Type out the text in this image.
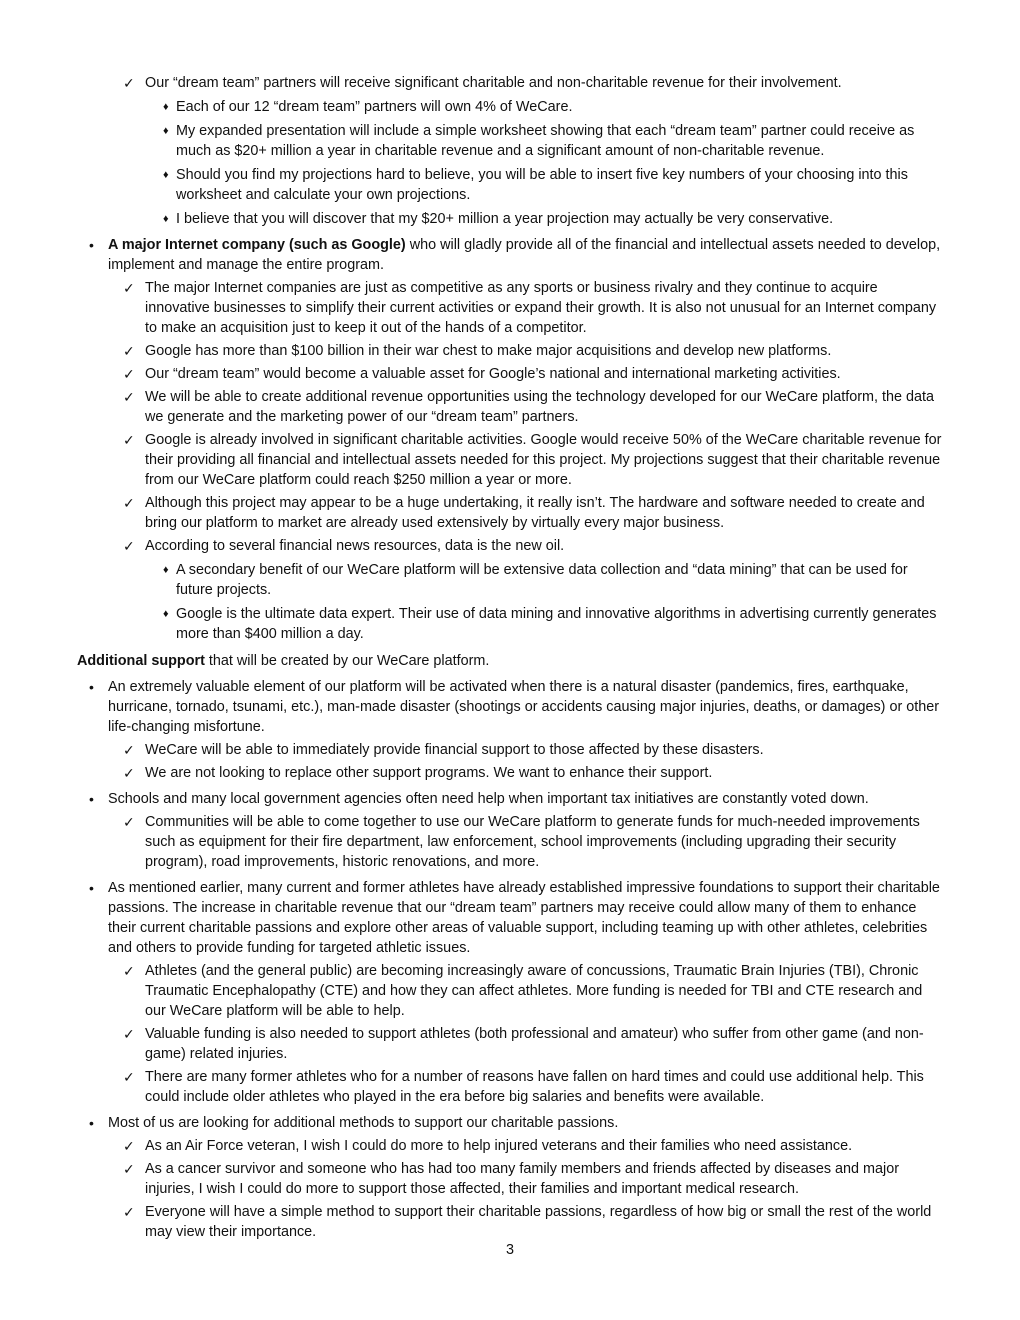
✓ Our “dream team” partners will receive significant charitable and non-charitable revenue for their involvement.
♦ Each of our 12 “dream team” partners will own 4% of WeCare.
♦ My expanded presentation will include a simple worksheet showing that each “dream team” partner could receive as much as $20+ million a year in charitable revenue and a significant amount of non-charitable revenue.
♦ Should you find my projections hard to believe, you will be able to insert five key numbers of your choosing into this worksheet and calculate your own projections.
♦ I believe that you will discover that my $20+ million a year projection may actually be very conservative.
• A major Internet company (such as Google) who will gladly provide all of the financial and intellectual assets needed to develop, implement and manage the entire program.
✓ The major Internet companies are just as competitive as any sports or business rivalry and they continue to acquire innovative businesses to simplify their current activities or expand their growth. It is also not unusual for an Internet company to make an acquisition just to keep it out of the hands of a competitor.
✓ Google has more than $100 billion in their war chest to make major acquisitions and develop new platforms.
✓ Our “dream team” would become a valuable asset for Google’s national and international marketing activities.
✓ We will be able to create additional revenue opportunities using the technology developed for our WeCare platform, the data we generate and the marketing power of our “dream team” partners.
✓ Google is already involved in significant charitable activities. Google would receive 50% of the WeCare charitable revenue for their providing all financial and intellectual assets needed for this project. My projections suggest that their charitable revenue from our WeCare platform could reach $250 million a year or more.
✓ Although this project may appear to be a huge undertaking, it really isn’t. The hardware and software needed to create and bring our platform to market are already used extensively by virtually every major business.
✓ According to several financial news resources, data is the new oil.
♦ A secondary benefit of our WeCare platform will be extensive data collection and “data mining” that can be used for future projects.
♦ Google is the ultimate data expert. Their use of data mining and innovative algorithms in advertising currently generates more than $400 million a day.
Additional support that will be created by our WeCare platform.
• An extremely valuable element of our platform will be activated when there is a natural disaster (pandemics, fires, earthquake, hurricane, tornado, tsunami, etc.), man-made disaster (shootings or accidents causing major injuries, deaths, or damages) or other life-changing misfortune.
✓ WeCare will be able to immediately provide financial support to those affected by these disasters.
✓ We are not looking to replace other support programs. We want to enhance their support.
• Schools and many local government agencies often need help when important tax initiatives are constantly voted down.
✓ Communities will be able to come together to use our WeCare platform to generate funds for much-needed improvements such as equipment for their fire department, law enforcement, school improvements (including upgrading their security program), road improvements, historic renovations, and more.
• As mentioned earlier, many current and former athletes have already established impressive foundations to support their charitable passions. The increase in charitable revenue that our “dream team” partners may receive could allow many of them to enhance their current charitable passions and explore other areas of valuable support, including teaming up with other athletes, celebrities and others to provide funding for targeted athletic issues.
✓ Athletes (and the general public) are becoming increasingly aware of concussions, Traumatic Brain Injuries (TBI), Chronic Traumatic Encephalopathy (CTE) and how they can affect athletes. More funding is needed for TBI and CTE research and our WeCare platform will be able to help.
✓ Valuable funding is also needed to support athletes (both professional and amateur) who suffer from other game (and non-game) related injuries.
✓ There are many former athletes who for a number of reasons have fallen on hard times and could use additional help. This could include older athletes who played in the era before big salaries and benefits were available.
• Most of us are looking for additional methods to support our charitable passions.
✓ As an Air Force veteran, I wish I could do more to help injured veterans and their families who need assistance.
✓ As a cancer survivor and someone who has had too many family members and friends affected by diseases and major injuries, I wish I could do more to support those affected, their families and important medical research.
✓ Everyone will have a simple method to support their charitable passions, regardless of how big or small the rest of the world may view their importance.
3
